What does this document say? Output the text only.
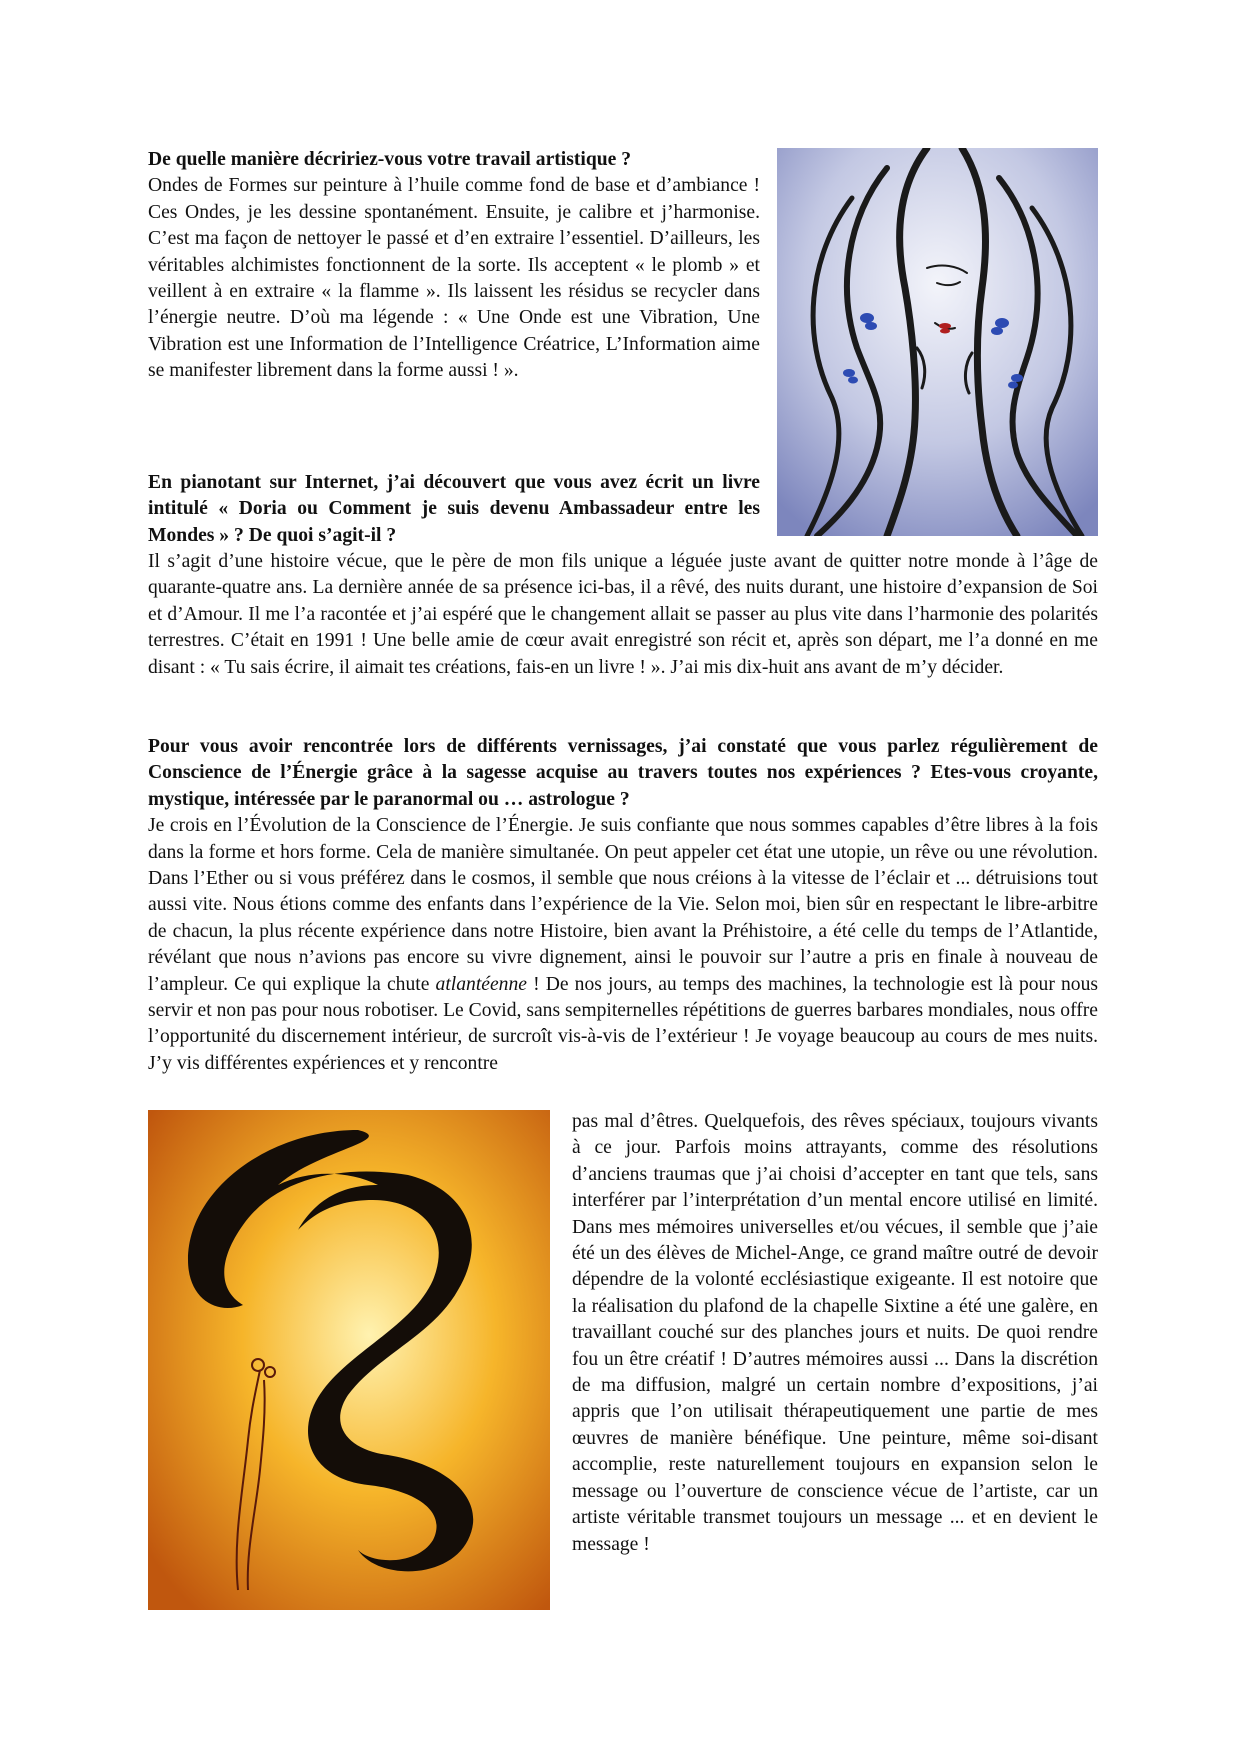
De quelle manière décririez-vous votre travail artistique ?
Ondes de Formes sur peinture à l’huile comme fond de base et d’ambiance ! Ces Ondes, je les dessine spontanément. Ensuite, je calibre et j’harmonise. C’est ma façon de nettoyer le passé et d’en extraire l’essentiel. D’ailleurs, les véritables alchimistes fonctionnent de la sorte. Ils acceptent « le plomb » et veillent à en extraire « la flamme ». Ils laissent les résidus se recycler dans l’énergie neutre. D’où ma légende : « Une Onde est une Vibration, Une Vibration est une Information de l’Intelligence Créatrice, L’Information aime se manifester librement dans la forme aussi ! ».
En pianotant sur Internet, j’ai découvert que vous avez écrit un livre intitulé « Doria ou Comment je suis devenu Ambassadeur entre les Mondes » ? De quoi s’agit-il ?
Il s’agit d’une histoire vécue, que le père de mon fils unique a léguée juste avant de quitter notre monde à l’âge de quarante-quatre ans. La dernière année de sa présence ici-bas, il a rêvé, des nuits durant, une histoire d’expansion de Soi et d’Amour. Il me l’a racontée et j’ai espéré que le changement allait se passer au plus vite dans l’harmonie des polarités terrestres. C’était en 1991 ! Une belle amie de cœur avait enregistré son récit et, après son départ, me l’a donné en me disant : « Tu sais écrire, il aimait tes créations, fais-en un livre ! ». J’ai mis dix-huit ans avant de m’y décider.
Pour vous avoir rencontrée lors de différents vernissages, j’ai constaté que vous parlez régulièrement de Conscience de l’Énergie grâce à la sagesse acquise au travers toutes nos expériences ? Etes-vous croyante, mystique, intéressée par le paranormal ou … astrologue ?
Je crois en l’Évolution de la Conscience de l’Énergie. Je suis confiante que nous sommes capables d’être libres à la fois dans la forme et hors forme. Cela de manière simultanée. On peut appeler cet état une utopie, un rêve ou une révolution. Dans l’Ether ou si vous préférez dans le cosmos, il semble que nous créions à la vitesse de l’éclair et ... détruisions tout aussi vite. Nous étions comme des enfants dans l’expérience de la Vie. Selon moi, bien sûr en respectant le libre-arbitre de chacun, la plus récente expérience dans notre Histoire, bien avant la Préhistoire, a été celle du temps de l’Atlantide, révélant que nous n’avions pas encore su vivre dignement, ainsi le pouvoir sur l’autre a pris en finale à nouveau de l’ampleur. Ce qui explique la chute atlantéenne ! De nos jours, au temps des machines, la technologie est là pour nous servir et non pas pour nous robotiser. Le Covid, sans sempiternelles répétitions de guerres barbares mondiales, nous offre l’opportunité du discernement intérieur, de surcroît vis-à-vis de l’extérieur ! Je voyage beaucoup au cours de mes nuits. J’y vis différentes expériences et y rencontre
pas mal d’êtres. Quelquefois, des rêves spéciaux, toujours vivants à ce jour. Parfois moins attrayants, comme des résolutions d’anciens traumas que j’ai choisi d’accepter en tant que tels, sans interférer par l’interprétation d’un mental encore utilisé en limité. Dans mes mémoires universelles et/ou vécues, il semble que j’aie été un des élèves de Michel-Ange, ce grand maître outré de devoir dépendre de la volonté ecclésiastique exigeante. Il est notoire que la réalisation du plafond de la chapelle Sixtine a été une galère, en travaillant couché sur des planches jours et nuits. De quoi rendre fou un être créatif ! D’autres mémoires aussi ... Dans la discrétion de ma diffusion, malgré un certain nombre d’expositions, j’ai appris que l’on utilisait thérapeutiquement une partie de mes œuvres de manière bénéfique. Une peinture, même soi-disant accomplie, reste naturellement toujours en expansion selon le message ou l’ouverture de conscience vécue de l’artiste, car un artiste véritable transmet toujours un message ... et en devient le message !
